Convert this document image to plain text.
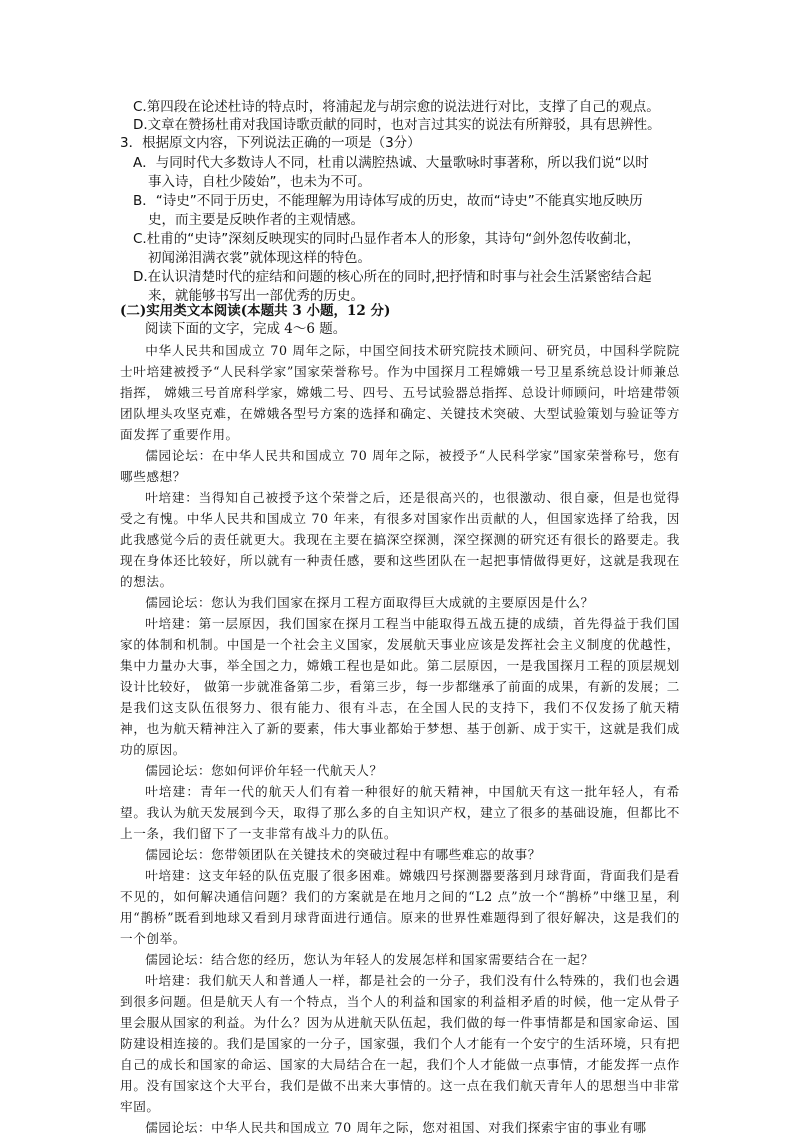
C.第四段在论述杜诗的特点时，将浦起龙与胡宗愈的说法进行对比，支撑了自己的观点。
D.文章在赞扬杜甫对我国诗歌贡献的同时，也对言过其实的说法有所辩驳，具有思辨性。
3．根据原文内容，下列说法正确的一项是（3分）
A．与同时代大多数诗人不同，杜甫以满腔热诚、大量歌咏时事著称，所以我们说“以时
事入诗，自杜少陵始”，也未为不可。
B．“诗史”不同于历史，不能理解为用诗体写成的历史，故而“诗史”不能真实地反映历
史，而主要是反映作者的主观情感。
C.杜甫的“史诗”深刻反映现实的同时凸显作者本人的形象，其诗句“剑外忽传收蓟北，
初闻涕泪满衣裳”就体现这样的特色。
D.在认识清楚时代的症结和问题的核心所在的同时,把抒情和时事与社会生活紧密结合起
来，就能够书写出一部优秀的历史。
(二)实用类文本阅读(本题共 3 小题，12 分)
阅读下面的文字，完成 4～6 题。

中华人民共和国成立 70 周年之际，中国空间技术研究院技术顾问、研究员，中国科学院院士叶培建被授予“人民科学家”国家荣誉称号。作为中国探月工程嫦娥一号卫星系统总设计师兼总指挥， 嫦娥三号首席科学家，嫦娥二号、四号、五号试验器总指挥、总设计师顾问，叶培建带领团队埋头攻坚克难，在嫦娥各型号方案的选择和确定、关键技术突破、大型试验策划与验证等方面发挥了重要作用。

儒园论坛：在中华人民共和国成立 70 周年之际，被授予“人民科学家”国家荣誉称号，您有哪些感想？

叶培建：当得知自己被授予这个荣誉之后，还是很高兴的，也很激动、很自豪，但是也觉得受之有愧。中华人民共和国成立 70 年来，有很多对国家作出贡献的人，但国家选择了给我，因此我感觉今后的责任就更大。我现在主要在搞深空探测，深空探测的研究还有很长的路要走。我现在身体还比较好，所以就有一种责任感，要和这些团队在一起把事情做得更好，这就是我现在的想法。

儒园论坛：您认为我们国家在探月工程方面取得巨大成就的主要原因是什么？

叶培建：第一层原因，我们国家在探月工程当中能取得五战五捷的成绩，首先得益于我们国家的体制和机制。中国是一个社会主义国家，发展航天事业应该是发挥社会主义制度的优越性，集中力量办大事，举全国之力，嫦娥工程也是如此。第二层原因，一是我国探月工程的顶层规划设计比较好， 做第一步就准备第二步，看第三步，每一步都继承了前面的成果，有新的发展；二是我们这支队伍很努力、很有能力、很有斗志，在全国人民的支持下，我们不仅发扬了航天精神，也为航天精神注入了新的要素，伟大事业都始于梦想、基于创新、成于实干，这就是我们成功的原因。

儒园论坛：您如何评价年轻一代航天人？

叶培建：青年一代的航天人们有着一种很好的航天精神，中国航天有这一批年轻人，有希望。我认为航天发展到今天，取得了那么多的自主知识产权，建立了很多的基础设施，但都比不上一条，我们留下了一支非常有战斗力的队伍。

儒园论坛：您带领团队在关键技术的突破过程中有哪些难忘的故事？

叶培建：这支年轻的队伍克服了很多困难。嫦娥四号探测器要落到月球背面，背面我们是看不见的，如何解决通信问题？我们的方案就是在地月之间的“L2 点”放一个“鹊桥”中继卫星，利用“鹊桥”既看到地球又看到月球背面进行通信。原来的世界性难题得到了很好解决，这是我们的一个创举。

儒园论坛：结合您的经历，您认为年轻人的发展怎样和国家需要结合在一起？

叶培建：我们航天人和普通人一样，都是社会的一分子，我们没有什么特殊的，我们也会遇到很多问题。但是航天人有一个特点，当个人的利益和国家的利益相矛盾的时候，他一定从骨子里会服从国家的利益。为什么？因为从进航天队伍起，我们做的每一件事情都是和国家命运、国防建设相连接的。我们是国家的一分子，国家强，我们个人才能有一个安宁的生活环境，只有把自己的成长和国家的命运、国家的大局结合在一起，我们个人才能做一点事情，才能发挥一点作用。没有国家这个大平台，我们是做不出来大事情的。这一点在我们航天青年人的思想当中非常牢固。

儒园论坛：中华人民共和国成立 70 周年之际，您对祖国、对我们探索宇宙的事业有哪
